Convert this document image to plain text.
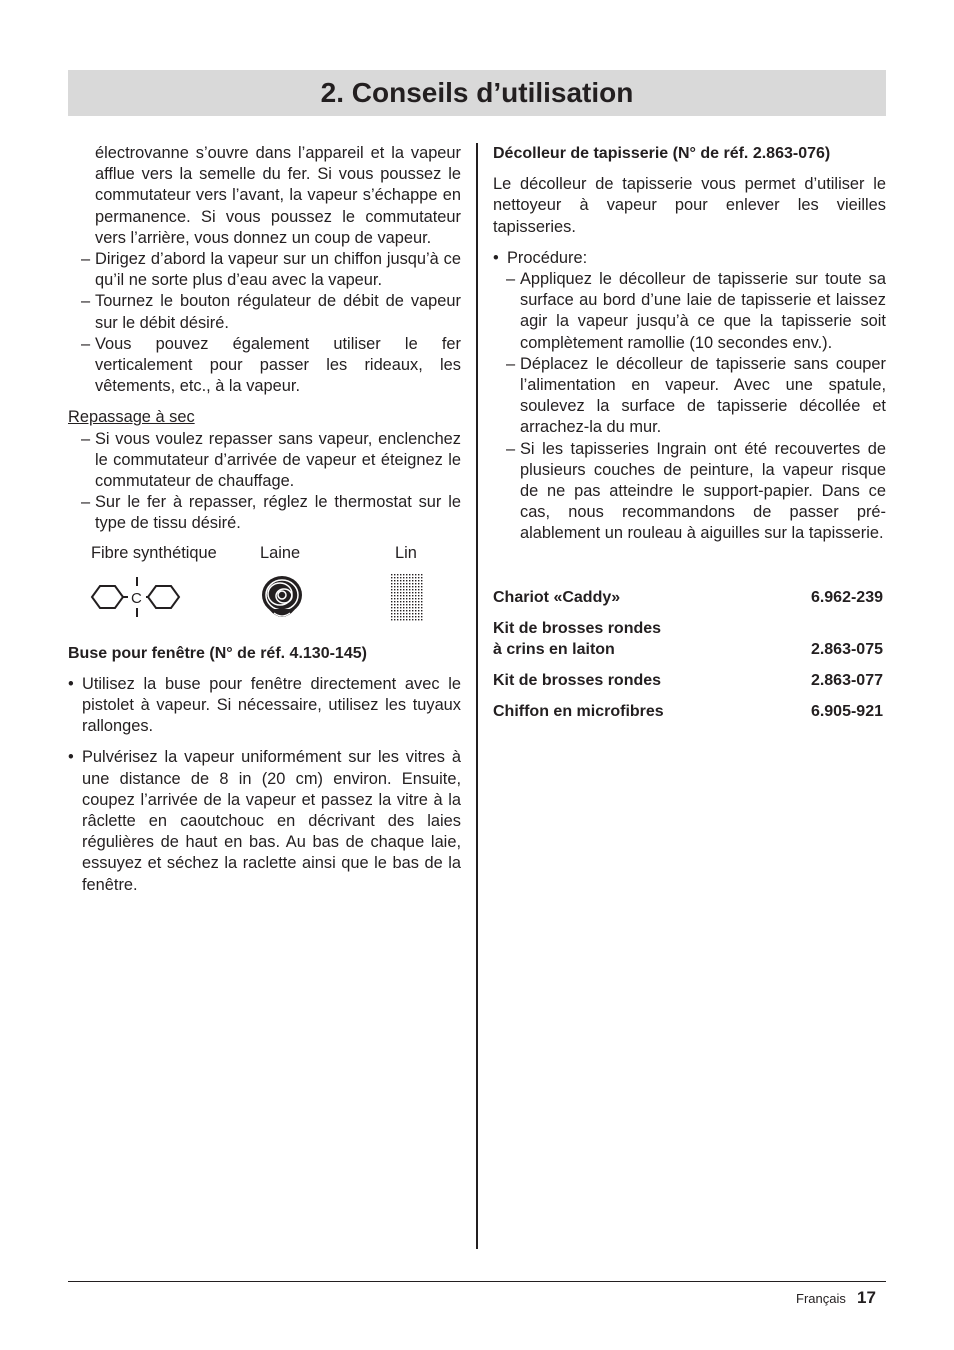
2. Conseils d’utilisation

électrovanne s’ouvre dans l’appareil et la vapeur afflue vers la semelle du fer. Si vous poussez le commutateur vers l’avant, la vapeur s’échappe en permanence. Si vous poussez le commutateur vers l’arrière, vous donnez un coup de vapeur.

– Dirigez d’abord la vapeur sur un chiffon jusqu’à ce qu’il ne sorte plus d’eau avec la vapeur.
– Tournez le bouton régulateur de débit de vapeur sur le débit désiré.
– Vous pouvez également utiliser le fer verticalement pour passer les rideaux, les vêtements, etc., à la vapeur.

Repassage à sec

– Si vous voulez repasser sans vapeur, enclenchez le commutateur d’arrivée de vapeur et éteignez le commutateur de chauffage.
– Sur le fer à repasser, réglez le thermostat sur le type de tissu désiré.
Fibre synthétique	Laine	Lin
C

Buse pour fenêtre (N° de réf. 4.130-145)

• Utilisez la buse pour fenêtre directement avec le pistolet à vapeur. Si nécessaire, utilisez les tuyaux rallonges.
• Pulvérisez la vapeur uniformément sur les vitres à une distance de 8 in (20 cm) environ. Ensuite, coupez l’arrivée de la vapeur et passez la vitre à la râclette en caoutchouc en décrivant des laies régulières de haut en bas. Au bas de chaque laie, essuyez et séchez la raclette ainsi que le bas de la fenêtre.

Décolleur de tapisserie (N° de réf. 2.863-076)

Le décolleur de tapisserie vous permet d’utiliser le nettoyeur à vapeur pour enlever les vieilles tapisseries.

• Procédure:
– Appliquez le décolleur de tapisserie sur toute sa surface au bord d’une laie de tapisserie et laissez agir la vapeur jusqu’à ce que la tapisserie soit complètement ramollie (10 secondes env.).
– Déplacez le décolleur de tapisserie sans couper l’alimentation en vapeur. Avec une spatule, soulevez la surface de tapisserie décollée et arrachez-la du mur.
– Si les tapisseries Ingrain ont été recouvertes de plusieurs couches de peinture, la vapeur risque de ne pas atteindre le support-papier. Dans ce cas, nous recommandons de passer pré-alablement un rouleau à aiguilles sur la tapisserie.
Chariot «Caddy»	6.962-239
Kit de brosses rondes
à crins en laiton	2.863-075
Kit de brosses rondes	2.863-077
Chiffon en microfibres	6.905-921
Français 17
